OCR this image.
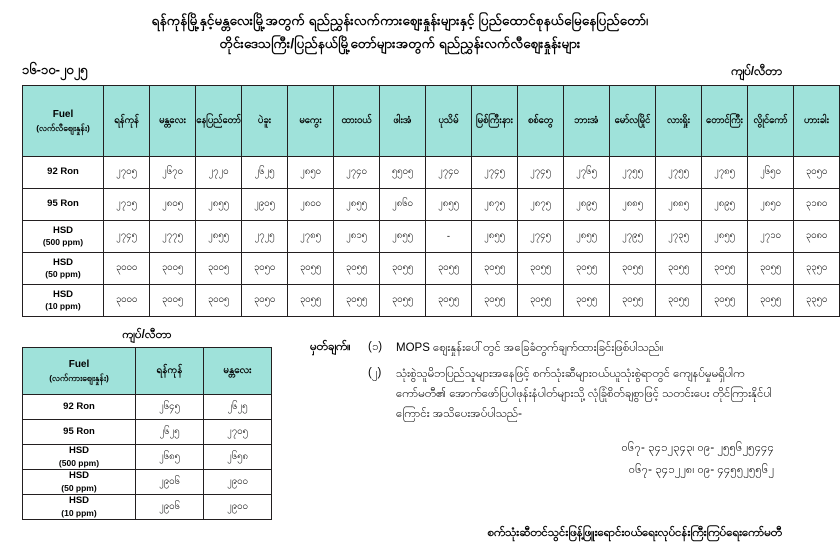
ရန်ကုန်မြို့နှင့်မန္တလေးမြို့အတွက် ရည်ညွှန်းလက်ကားဈေးနှုန်းများနှင့် ပြည်ထောင်စုနယ်မြေနေပြည်တော်၊
တိုင်းဒေသကြီး/ပြည်နယ်မြို့တော်များအတွက် ရည်ညွှန်းလက်လီဈေးနှုန်းများ
၁၆-၁၀-၂၀၂၅	ကျပ်/လီတာ
Fuel
(လက်လီဈေးနှုန်း)	ရန်ကုန်	မန္တလေး	နေပြည်တော်	ပဲခူး	မကွေး	ထားဝယ်	ဖါးအံ	ပုသိမ်	မြစ်ကြီးနား	စစ်တွေ	ဘားအံ	မော်လမြိုင်	လားရှိုး	တောင်ကြီး	လွိုင်ကော်	ဟားခါး

92 Ron	၂၇၀၅	၂၆၇၀	၂၇၂၀	၂၆၂၅	၂၈၅၀	၂၇၄၀	၅၅၀၅	၂၇၄၀	၂၇၄၅	၂၇၄၅	၂၇၆၅	၂၇၅၅	၂၇၅၅	၂၇၈၅	၂၆၅၀	၃၀၅၀
95 Ron	၂၇၁၅	၂၈၀၅	၂၈၅၅	၂၉၀၅	၂၈၀၀	၂၈၅၅	၂၈၆၀	၂၈၅၅	၂၈၇၅	၂၈၇၅	၂၈၉၅	၂၈၈၅	၂၈၈၅	၂၈၉၅	၂၈၅၀	၃၁၈၀
HSD
(500 ppm)	၂၇၄၅	၂၇၇၅	၂၈၅၅	၂၇၂၅	၂၇၈၅	၂၈၁၅	၂၈၅၅	-	၂၈၅၅	၂၇၄၅	၂၈၅၅	၂၇၉၅	၂၇၃၅	၂၈၅၅	၂၇၁၀	၃၀၈၀
HSD
(50 ppm)	၃၀၀၀	၃၀၀၅	၃၀၀၅	၃၀၅၀	၃၀၅၅	၃၀၅၅	၃၀၅၅	၃၀၅၅	၃၀၅၅	၃၀၅၅	၃၀၅၅	၃၀၅၅	၃၀၅၅	၃၀၅၅	၃၀၅၅	၃၃၅၀
HSD
(10 ppm)	၃၀၀၀	၃၀၀၅	၃၀၀၅	၃၀၅၀	၃၀၅၅	၃၀၅၅	၃၀၅၅	၃၀၅၅	၃၀၅၅	၃၀၅၅	၃၀၅၅	၃၀၅၅	၃၀၅၅	၃၀၅၅	၃၀၅၅	၃၃၅၀
ကျပ်/လီတာ
Fuel
(လက်ကားဈေးနှုန်း)	ရန်ကုန်	မန္တလေး
92 Ron	၂၆၄၅	၂၆၂၅
95 Ron	၂၆၂၅	၂၇၀၅
HSD
(500 ppm)	၂၆၈၅	၂၆၅၈
HSD
(50 ppm)	၂၉၀၆	၂၉၀၀
HSD
(10 ppm)	၂၉၀၆	၂၉၀၀
မှတ်ချက်။	(၁)	MOPS ဈေးနှုန်းပေါ်တွင် အခြေခံတွက်ချက်ထားခြင်းဖြစ်ပါသည်။
(၂)	သုံးစွဲသူမိဘပြည်သူများအနေဖြင့် စက်သုံးဆီများဝယ်ယူသုံးစွဲရာတွင် ကျေနပ်မှုမရှိပါက ကော်မတီ၏ အောက်ဖော်ပြပါဖုန်းနံပါတ်များသို့ လုံခြုံစိတ်ချစွာဖြင့် သတင်းပေး တိုင်ကြားနိုင်ပါကြောင်း အသိပေးအပ်ပါသည်-
၀၆၇- ၃၄၁၂၃၄၃၊ ၀၉- ၂၅၅၆၂၅၄၄၄
၀၆၇- ၃၄၁၂၂၈၊ ၀၉- ၄၄၅၅၂၅၅၆၂
စက်သုံးဆီတင်သွင်းဖြန့်ဖြူးရောင်းဝယ်ရေးလုပ်ငန်းကြီးကြပ်ရေးကော်မတီ
